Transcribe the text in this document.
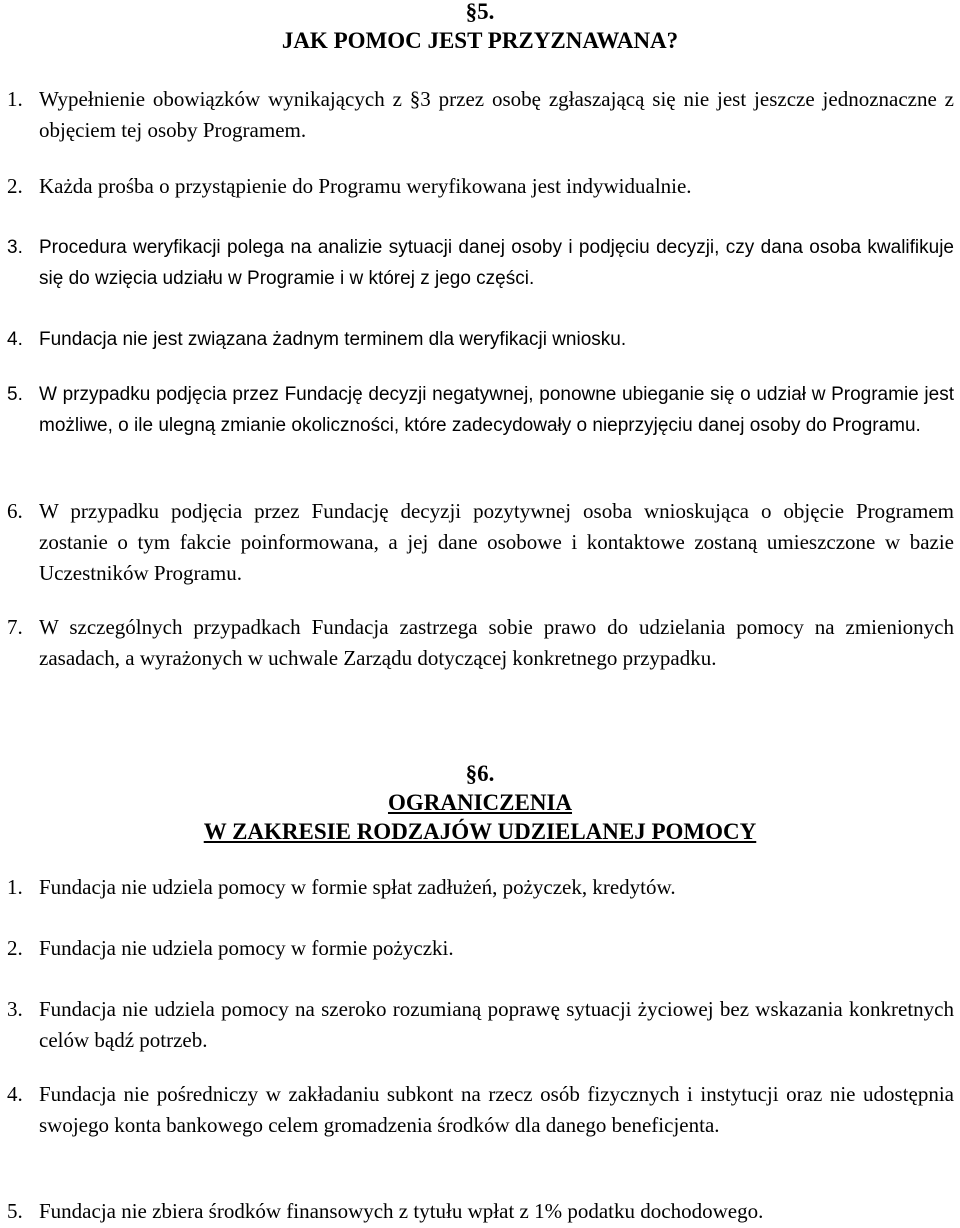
§5.
JAK POMOC JEST PRZYZNAWANA?
1. Wypełnienie obowiązków wynikających z §3 przez osobę zgłaszającą się nie jest jeszcze jednoznaczne z objęciem tej osoby Programem.
2. Każda prośba o przystąpienie do Programu weryfikowana jest indywidualnie.
3. Procedura weryfikacji polega na analizie sytuacji danej osoby i podjęciu decyzji, czy dana osoba kwalifikuje się do wzięcia udziału w Programie i w której z jego części.
4. Fundacja nie jest związana żadnym terminem dla weryfikacji wniosku.
5. W przypadku podjęcia przez Fundację decyzji negatywnej, ponowne ubieganie się o udział w Programie jest możliwe, o ile ulegną zmianie okoliczności, które zadecydowały o nieprzyjęciu danej osoby do Programu.
6. W przypadku podjęcia przez Fundację decyzji pozytywnej osoba wnioskująca o objęcie Programem zostanie o tym fakcie poinformowana, a jej dane osobowe i kontaktowe zostaną umieszczone w bazie Uczestników Programu.
7. W szczególnych przypadkach Fundacja zastrzega sobie prawo do udzielania pomocy na zmienionych zasadach, a wyrażonych w uchwale Zarządu dotyczącej konkretnego przypadku.
§6.
OGRANICZENIA
W ZAKRESIE RODZAJÓW UDZIELANEJ POMOCY
1. Fundacja nie udziela pomocy w formie spłat zadłużeń, pożyczek, kredytów.
2. Fundacja nie udziela pomocy w formie pożyczki.
3. Fundacja nie udziela pomocy na szeroko rozumianą poprawę sytuacji życiowej bez wskazania konkretnych celów bądź potrzeb.
4. Fundacja nie pośredniczy w zakładaniu subkont na rzecz osób fizycznych i instytucji oraz nie udostępnia swojego konta bankowego celem gromadzenia środków dla danego beneficjenta.
5. Fundacja nie zbiera środków finansowych z tytułu wpłat z 1% podatku dochodowego.
